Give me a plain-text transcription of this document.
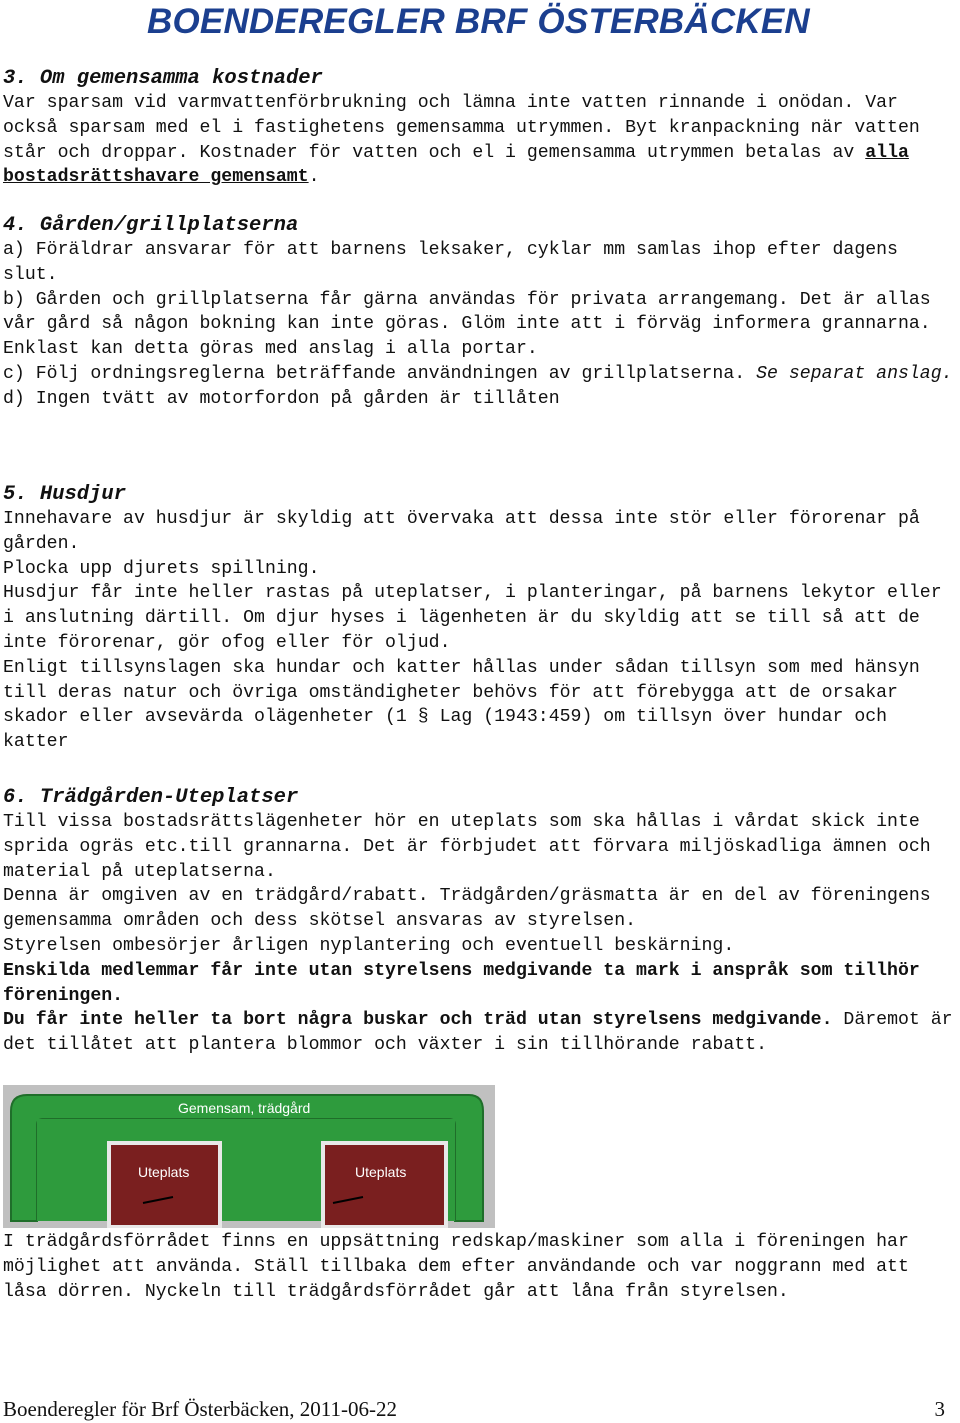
BOENDEREGLER BRF ÖSTERBÄCKEN

3. Om gemensamma kostnader

Var sparsam vid varmvattenförbrukning och lämna inte vatten rinnande i onödan. Var också sparsam med el i fastighetens gemensamma utrymmen. Byt kranpackning när vatten står och droppar. Kostnader för vatten och el i gemensamma utrymmen betalas av alla bostadsrättshavare gemensamt.

4. Gården/grillplatserna

a) Föräldrar ansvarar för att barnens leksaker, cyklar mm samlas ihop efter dagens slut.

b) Gården och grillplatserna får gärna användas för privata arrangemang. Det är allas vår gård så någon bokning kan inte göras. Glöm inte att i förväg informera grannarna. Enklast kan detta göras med anslag i alla portar.

c) Följ ordningsreglerna beträffande användningen av grillplatserna. Se separat anslag.

d) Ingen tvätt av motorfordon på gården är tillåten

5. Husdjur

Innehavare av husdjur är skyldig att övervaka att dessa inte stör eller förorenar på gården.

Plocka upp djurets spillning.

Husdjur får inte heller rastas på uteplatser, i planteringar, på barnens lekytor eller i anslutning därtill. Om djur hyses i lägenheten är du skyldig att se till så att de inte förorenar, gör ofog eller för oljud.

Enligt tillsynslagen ska hundar och katter hållas under sådan tillsyn som med hänsyn till deras natur och övriga omständigheter behövs för att förebygga att de orsakar skador eller avsevärda olägenheter (1 § Lag (1943:459) om tillsyn över hundar och katter

6. Trädgården-Uteplatser

Till vissa bostadsrättslägenheter hör en uteplats som ska hållas i vårdat skick inte sprida ogräs etc.till grannarna. Det är förbjudet att förvara miljöskadliga ämnen och material på uteplatserna.

Denna är omgiven av en trädgård/rabatt. Trädgården/gräsmatta är en del av föreningens gemensamma områden och dess skötsel ansvaras av styrelsen.

Styrelsen ombesörjer årligen nyplantering och eventuell beskärning.

Enskilda medlemmar får inte utan styrelsens medgivande ta mark i anspråk som tillhör föreningen.

Du får inte heller ta bort några buskar och träd utan styrelsens medgivande. Däremot är det tillåtet att plantera blommor och växter i sin tillhörande rabatt.

Gemensam, trädgård
Uteplats	Uteplats

I trädgårdsförrådet finns en uppsättning redskap/maskiner som alla i föreningen har möjlighet att använda. Ställ tillbaka dem efter användande och var noggrann med att låsa dörren. Nyckeln till trädgårdsförrådet går att låna från styrelsen.

Boenderegler för Brf Österbäcken, 2011-06-22	3
